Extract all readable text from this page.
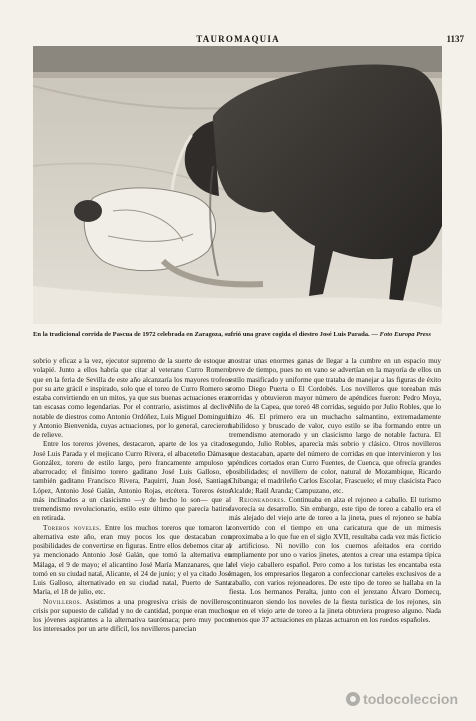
TAUROMAQUIA	1137
En la tradicional corrida de Pascua de 1972 celebrada en Zaragoza, sufrió una grave cogida el diestro José Luis Parada. — Foto Europa Press

sobrio y eficaz a la vez, ejecutor supremo de la suerte de estoque a volapié. Junto a ellos habría que citar al veterano Curro Romero, que en la feria de Sevilla de este año alcanzaría los mayores trofeos por su arte grácil e inspirado, solo que el toreo de Curro Romero se estaba convirtiendo en un mitos, ya que sus buenas actuaciones eran tan escasas como legendarias. Por el contrario, asistimos al declive notable de diestros como Antonio Ordóñez, Luis Miguel Dominguín y Antonio Bienvenida, cuyas actuaciones, por lo general, carecieron de relieve.

Entre los toreros jóvenes, destacaron, aparte de los ya citados José Luis Parada y el mejicano Curro Rivera, el albaceteño Dámaso González, torero de estilo largo, pero francamente ampuloso y abarrocado; el finísimo torero gaditano José Luis Galloso, el también gaditano Francisco Rivera, Paquirri, Juan José, Santiago López, Antonio José Galán, Antonio Rojas, etcétera. Toreros éstos más inclinados a un clasicismo —y de hecho lo son— que al tremendismo revolucionario, estilo este último que parecía batirse en retirada.

Toreros noveles. Entre los muchos toreros que tomaron la alternativa este año, eran muy pocos los que destacaban con posibilidades de convertirse en figuras. Entre ellos debemos citar al ya mencionado Antonio José Galán, que tomó la alternativa en Málaga, el 9 de mayo; el alicantino José María Manzanares, que la tomó en su ciudad natal, Alicante, el 24 de junio; y el ya citado José Luis Galloso, alternativado en su ciudad natal, Puerto de Santa María, el 18 de julio, etc.

Novilleros. Asistimos a una progresiva crisis de novilleros, crisis por supuesto de calidad y no de cantidad, porque eran muchos los jóvenes aspirantes a la alternativa taurómaca; pero muy pocos los interesados por un arte difícil, los novilleros parecían

mostrar unas enormes ganas de llegar a la cumbre en un espacio muy breve de tiempo, pues no en vano se advertían en la mayoría de ellos un estilo masificado y uniforme que trataba de manejar a las figuras de éxito como Diego Puerta o El Cordobés. Los novilleros que toreaban más corridas y obtuvieron mayor número de apéndices fueron: Pedro Moya, Niño de la Capea, que toreó 48 corridas, seguido por Julio Robles, que lo hizo 46. El primero era un muchacho salmantino, extremadamente habilidoso y bruscado de valor, cuyo estilo se iba formando entre un tremendismo atemorado y un clasicismo largo de notable factura. El segundo, Julio Robles, aparecía más sobrio y clásico. Otros novilleros que destacaban, aparte del número de corridas en que intervinieron y los apéndices cortados eran Curro Fuentes, de Cuenca, que ofrecía grandes posibilidades; el novillero de color, natural de Mozambique, Ricardo Chibanga; el madrileño Carlos Escolar, Frascuelo; el muy clasicista Paco Alcalde; Raúl Aranda; Campuzano, etc.

Rejoneadores. Continuaba en alza el rejoneo a caballo. El turismo favorecía su desarrollo. Sin embargo, este tipo de toreo a caballo era el más alejado del viejo arte de toreo a la jineta, pues el rejoneo se había convertido con el tiempo en una caricatura que de un mimesis aproximaba a lo que fue en el siglo XVII, resultaba cada vez más ficticio y artificioso. Ni novillo con los cuernos afeitados era corrido ampliamente por uno o varios jinetes, atentos a crear una estampa típica del viejo caballero español. Pero como a los turistas les encantaba esta imagen, los empresarios llegaron a confeccionar carteles exclusivos de a caballo, con varios rejoneadores. De este tipo de toreo se hallaba en la fiesta. Los hermanos Peralta, junto con el jerezano Álvaro Domecq, continuaron siendo los noveles de la fiesta turística de los rejones, sin que en el viejo arte de toreo a la jineta obtuviera progreso alguno. Nada menos que 37 actuaciones en plazas actuaron en los ruedos españoles.

todocoleccion
